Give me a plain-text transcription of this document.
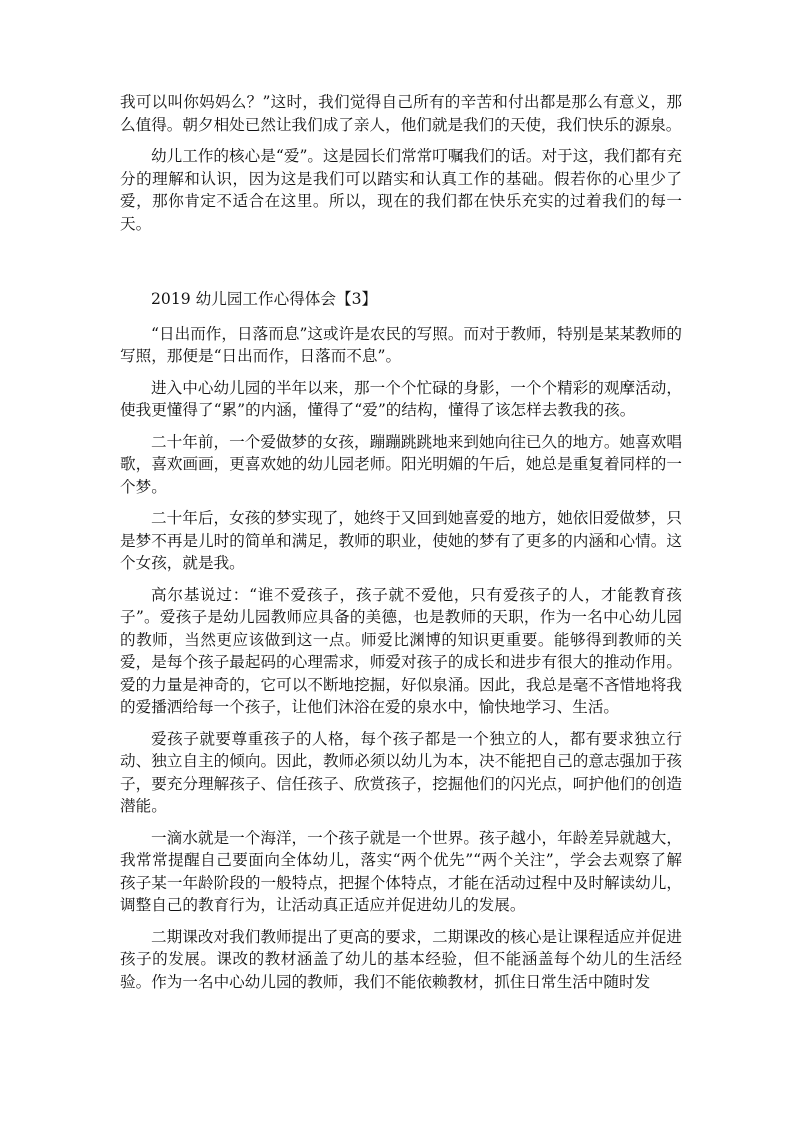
我可以叫你妈妈么？”这时，我们觉得自己所有的辛苦和付出都是那么有意义，那么值得。朝夕相处已然让我们成了亲人，他们就是我们的天使，我们快乐的源泉。

幼儿工作的核心是“爱”。这是园长们常常叮嘱我们的话。对于这，我们都有充分的理解和认识，因为这是我们可以踏实和认真工作的基础。假若你的心里少了爱，那你肯定不适合在这里。所以，现在的我们都在快乐充实的过着我们的每一天。

2019 幼儿园工作心得体会【3】

“日出而作，日落而息”这或许是农民的写照。而对于教师，特别是某某教师的写照，那便是“日出而作，日落而不息”。

进入中心幼儿园的半年以来，那一个个忙碌的身影，一个个精彩的观摩活动，使我更懂得了“累”的内涵，懂得了“爱”的结构，懂得了该怎样去教我的孩。

二十年前，一个爱做梦的女孩，蹦蹦跳跳地来到她向往已久的地方。她喜欢唱歌，喜欢画画，更喜欢她的幼儿园老师。阳光明媚的午后，她总是重复着同样的一个梦。

二十年后，女孩的梦实现了，她终于又回到她喜爱的地方，她依旧爱做梦，只是梦不再是儿时的简单和满足，教师的职业，使她的梦有了更多的内涵和心情。这个女孩，就是我。

高尔基说过：“谁不爱孩子，孩子就不爱他，只有爱孩子的人，才能教育孩子”。爱孩子是幼儿园教师应具备的美德，也是教师的天职，作为一名中心幼儿园的教师，当然更应该做到这一点。师爱比渊博的知识更重要。能够得到教师的关爱，是每个孩子最起码的心理需求，师爱对孩子的成长和进步有很大的推动作用。爱的力量是神奇的，它可以不断地挖掘，好似泉涌。因此，我总是毫不吝惜地将我的爱播洒给每一个孩子，让他们沐浴在爱的泉水中，愉快地学习、生活。

爱孩子就要尊重孩子的人格，每个孩子都是一个独立的人，都有要求独立行动、独立自主的倾向。因此，教师必须以幼儿为本，决不能把自己的意志强加于孩子，要充分理解孩子、信任孩子、欣赏孩子，挖掘他们的闪光点，呵护他们的创造潜能。

一滴水就是一个海洋，一个孩子就是一个世界。孩子越小，年龄差异就越大，我常常提醒自己要面向全体幼儿，落实“两个优先”“两个关注”，学会去观察了解孩子某一年龄阶段的一般特点，把握个体特点，才能在活动过程中及时解读幼儿，调整自己的教育行为，让活动真正适应并促进幼儿的发展。

二期课改对我们教师提出了更高的要求，二期课改的核心是让课程适应并促进孩子的发展。课改的教材涵盖了幼儿的基本经验，但不能涵盖每个幼儿的生活经验。作为一名中心幼儿园的教师，我们不能依赖教材，抓住日常生活中随时发
